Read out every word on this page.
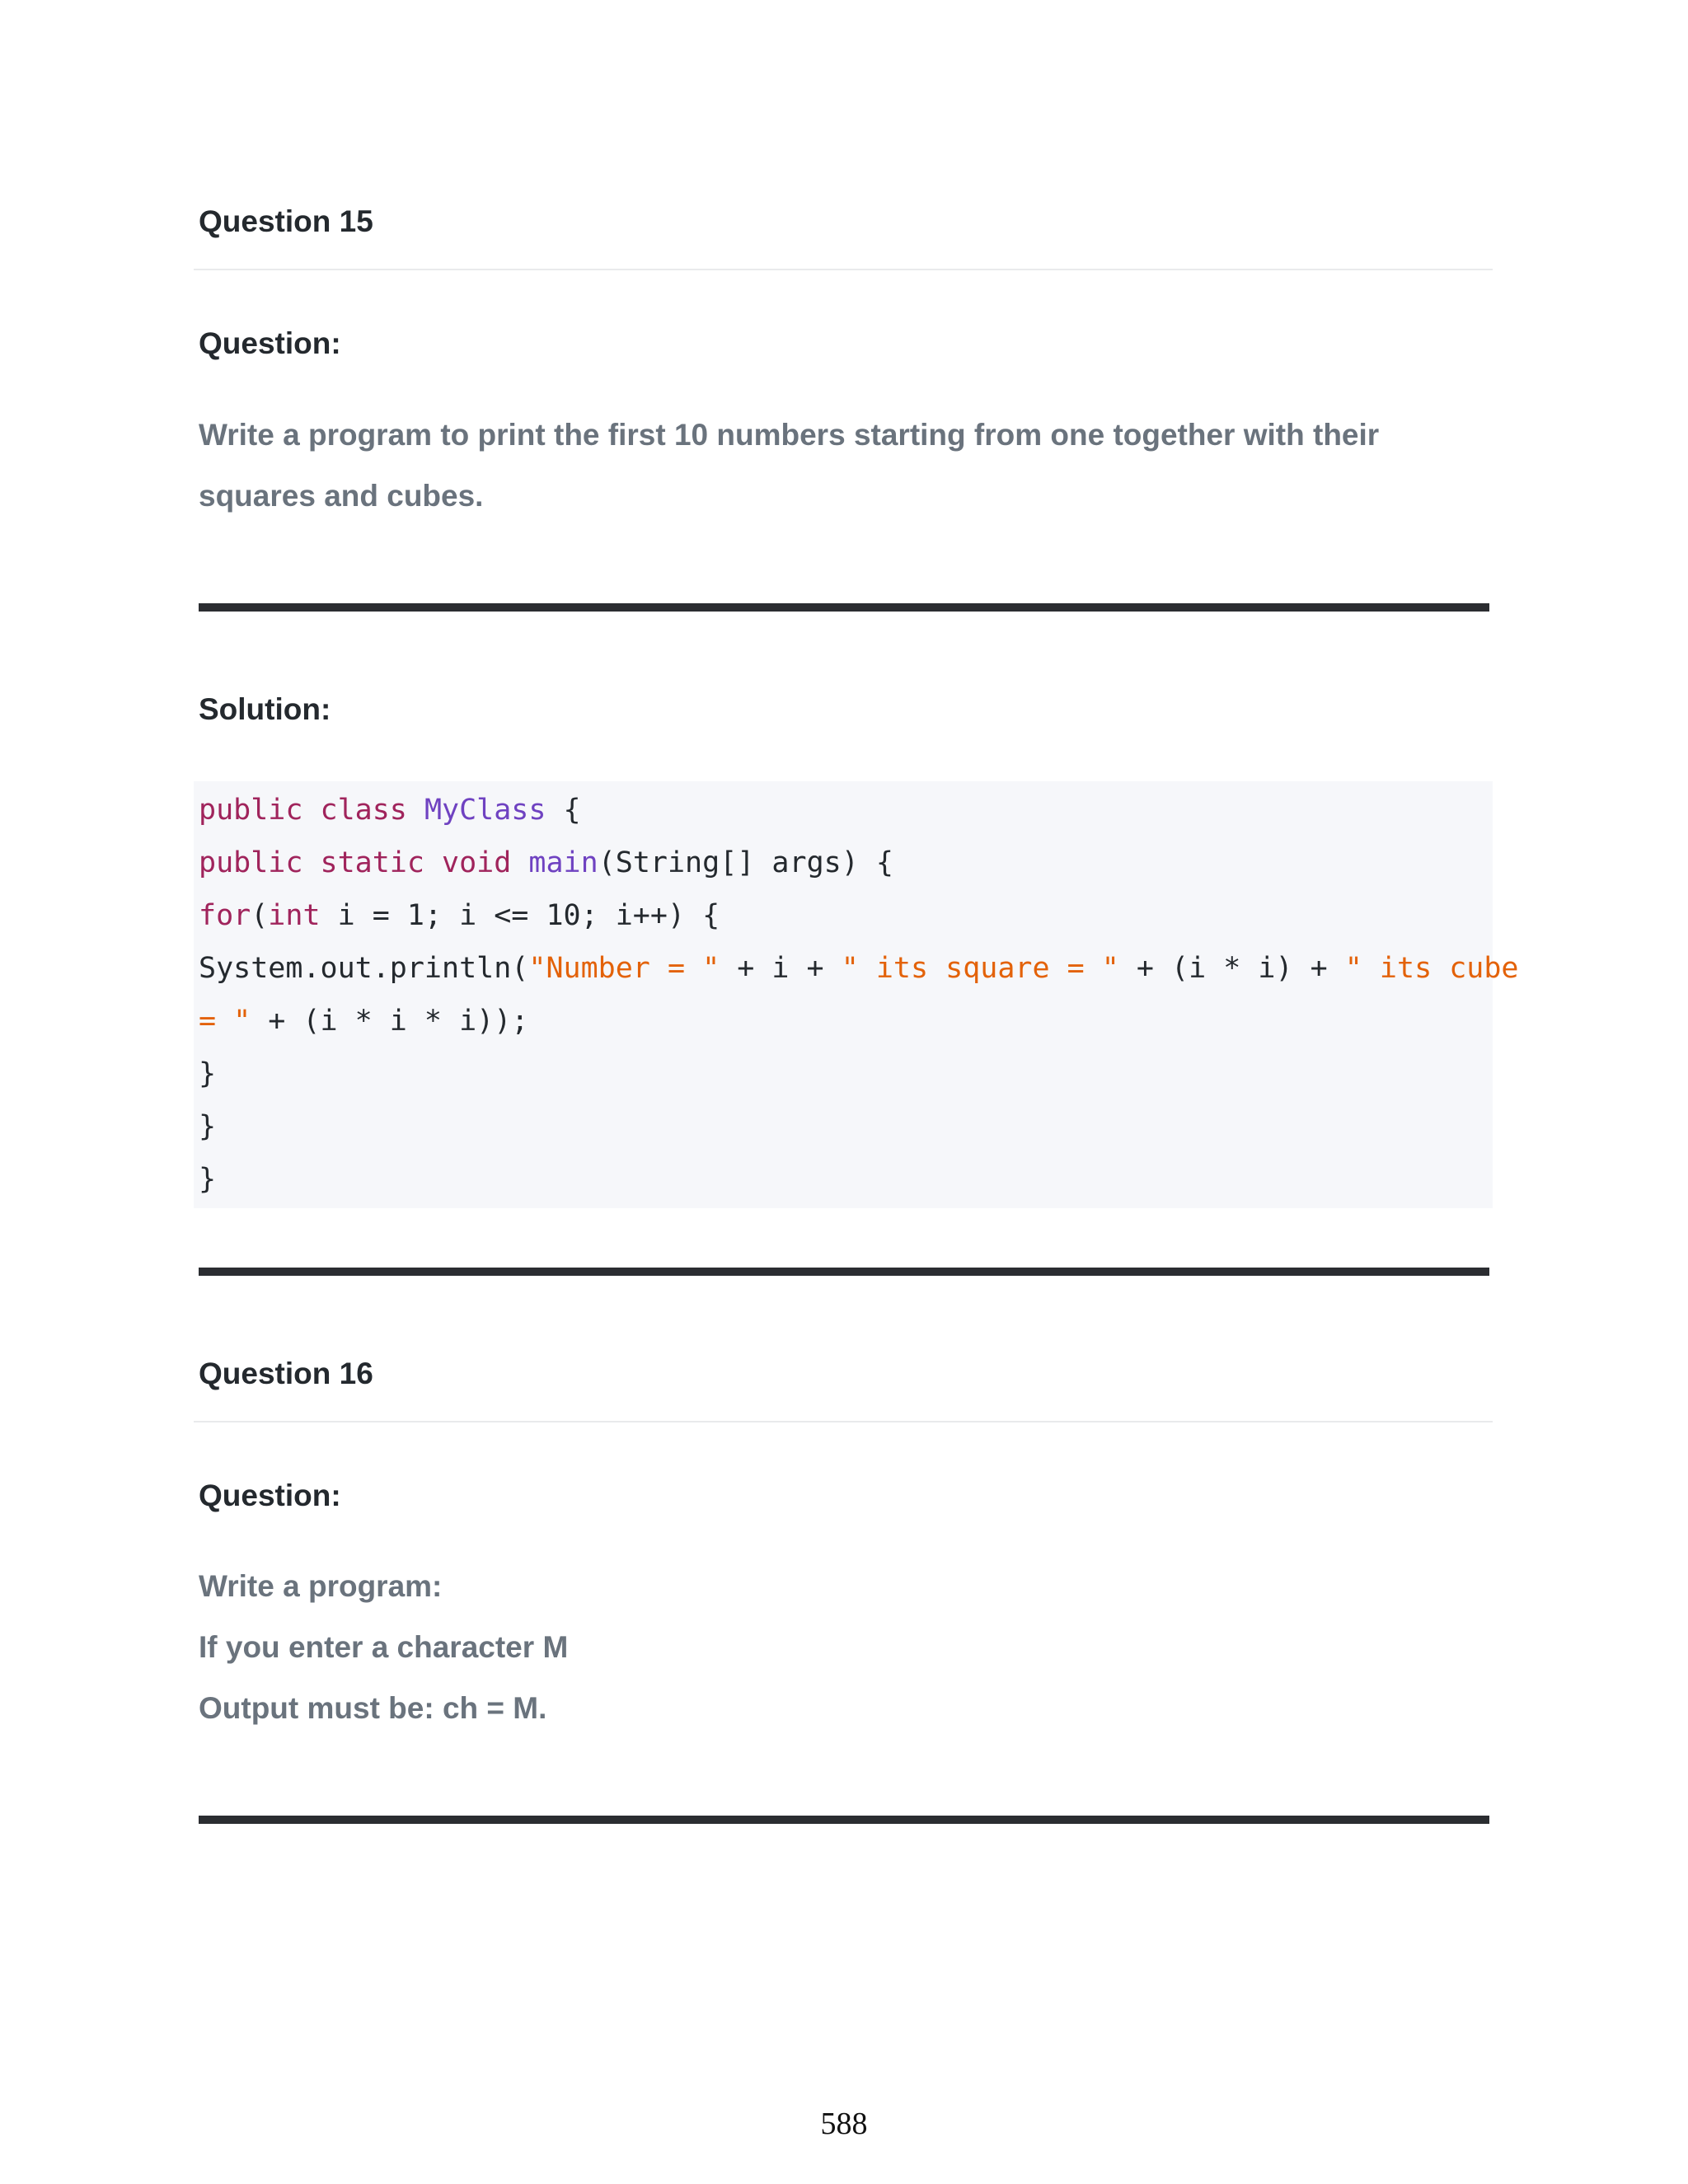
Question 15
Question:

Write a program to print the first 10 numbers starting from one together with their

squares and cubes.

Solution:
public class MyClass {
public static void main(String[] args) {
for(int i = 1; i <= 10; i++) {
System.out.println("Number = " + i + " its square = " + (i * i) + " its cube
= " + (i * i * i));
}
}
}
Question 16
Question:

Write a program:

If you enter a character M

Output must be: ch = M.

588
